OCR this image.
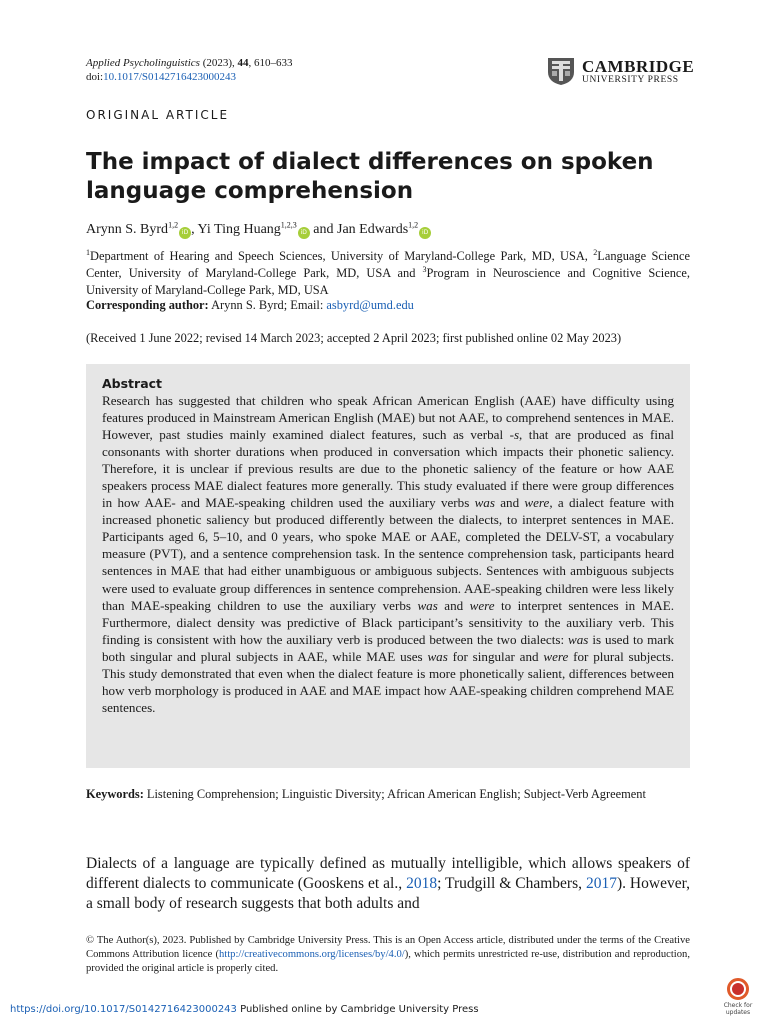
Applied Psycholinguistics (2023), 44, 610–633
doi:10.1017/S0142716423000243
CAMBRIDGE
UNIVERSITY PRESS
ORIGINAL ARTICLE
The impact of dialect differences on spoken language comprehension
Arynn S. Byrd$^{1,2}$iD , Yi Ting Huang$^{1,2,3}$iD and Jan Edwards$^{1,2}$iD
$^1$Department of Hearing and Speech Sciences, University of Maryland-College Park, MD, USA, $^2$Language Science Center, University of Maryland-College Park, MD, USA and $^3$Program in Neuroscience and Cognitive Science, University of Maryland-College Park, MD, USA
Corresponding author: Arynn S. Byrd; Email: asbyrd@umd.edu
(Received 1 June 2022; revised 14 March 2023; accepted 2 April 2023; first published online 02 May 2023)
Abstract
Research has suggested that children who speak African American English (AAE) have difficulty using features produced in Mainstream American English (MAE) but not AAE, to comprehend sentences in MAE. However, past studies mainly examined dialect features, such as verbal -s, that are produced as final consonants with shorter durations when produced in conversation which impacts their phonetic saliency. Therefore, it is unclear if previous results are due to the phonetic saliency of the feature or how AAE speakers process MAE dialect features more generally. This study evaluated if there were group differences in how AAE- and MAE-speaking children used the auxiliary verbs was and were, a dialect feature with increased phonetic saliency but produced differently between the dialects, to interpret sentences in MAE. Participants aged 6, 5–10, and 0 years, who spoke MAE or AAE, completed the DELV-ST, a vocabulary measure (PVT), and a sentence comprehension task. In the sentence comprehension task, participants heard sentences in MAE that had either unambiguous or ambiguous subjects. Sentences with ambiguous subjects were used to evaluate group differences in sentence comprehension. AAE-speaking children were less likely than MAE-speaking children to use the auxiliary verbs was and were to interpret sentences in MAE. Furthermore, dialect density was predictive of Black participant’s sensitivity to the auxiliary verb. This finding is consistent with how the auxiliary verb is produced between the two dialects: was is used to mark both singular and plural subjects in AAE, while MAE uses was for singular and were for plural subjects. This study demonstrated that even when the dialect feature is more phonetically salient, differences between how verb morphology is produced in AAE and MAE impact how AAE-speaking children comprehend MAE sentences.
Keywords: Listening Comprehension; Linguistic Diversity; African American English; Subject-Verb Agreement
Dialects of a language are typically defined as mutually intelligible, which allows speakers of different dialects to communicate (Gooskens et al., 2018; Trudgill & Chambers, 2017). However, a small body of research suggests that both adults and
© The Author(s), 2023. Published by Cambridge University Press. This is an Open Access article, distributed under the terms of the Creative Commons Attribution licence (http://creativecommons.org/licenses/by/4.0/), which permits unrestricted re-use, distribution and reproduction, provided the original article is properly cited.
https://doi.org/10.1017/S0142716423000243 Published online by Cambridge University Press	Check for updates
